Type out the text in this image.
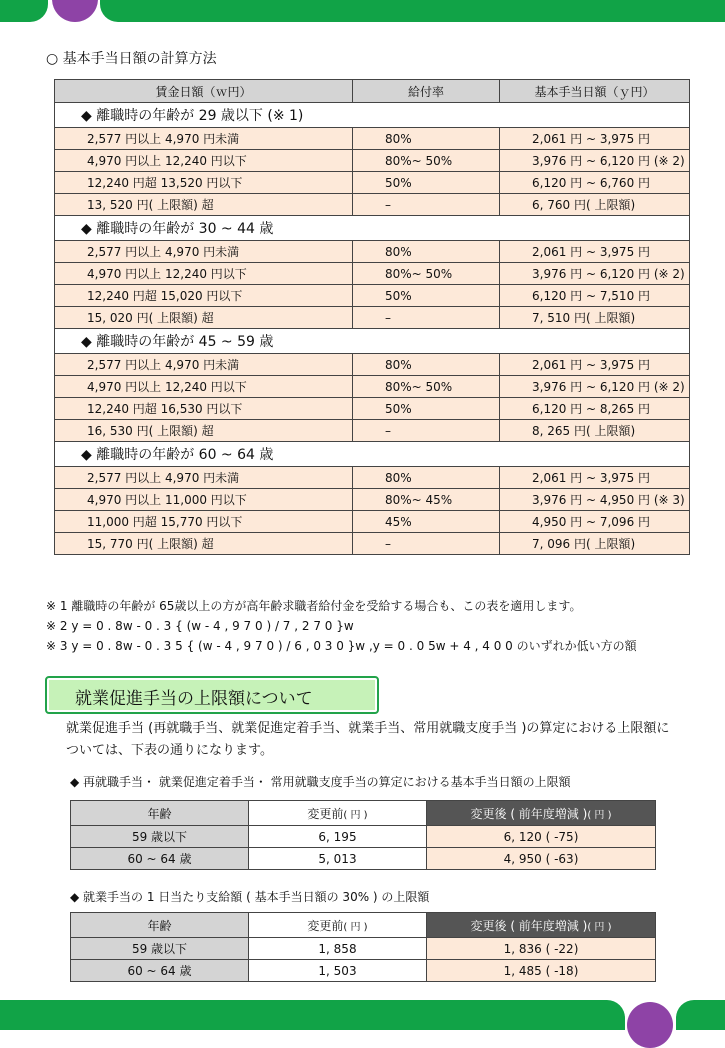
○ 基本手当日額の計算方法
賃金日額（ｗ円）	給付率	基本手当日額（ｙ円）
◆ 離職時の年齢が 29 歳以下 (※ 1)		
2,577 円以上 4,970 円未満	80%	2,061 円 ~ 3,975 円
4,970 円以上 12,240 円以下	80%~ 50%	3,976 円 ~ 6,120 円 (※ 2)
12,240 円超 13,520 円以下	50%	6,120 円 ~ 6,760 円
13, 520 円( 上限額) 超	–	6, 760 円( 上限額)
◆ 離職時の年齢が 30 ~ 44 歳		
2,577 円以上 4,970 円未満	80%	2,061 円 ~ 3,975 円
4,970 円以上 12,240 円以下	80%~ 50%	3,976 円 ~ 6,120 円 (※ 2)
12,240 円超 15,020 円以下	50%	6,120 円 ~ 7,510 円
15, 020 円( 上限額) 超	–	7, 510 円( 上限額)
◆ 離職時の年齢が 45 ~ 59 歳		
2,577 円以上 4,970 円未満	80%	2,061 円 ~ 3,975 円
4,970 円以上 12,240 円以下	80%~ 50%	3,976 円 ~ 6,120 円 (※ 2)
12,240 円超 16,530 円以下	50%	6,120 円 ~ 8,265 円
16, 530 円( 上限額) 超	–	8, 265 円( 上限額)
◆ 離職時の年齢が 60 ~ 64 歳		
2,577 円以上 4,970 円未満	80%	2,061 円 ~ 3,975 円
4,970 円以上 11,000 円以下	80%~ 45%	3,976 円 ~ 4,950 円 (※ 3)
11,000 円超 15,770 円以下	45%	4,950 円 ~ 7,096 円
15, 770 円( 上限額) 超	–	7, 096 円( 上限額)
※ 1 離職時の年齢が 65歳以上の方が高年齢求職者給付金を受給する場合も、この表を適用します。
※ 2 y = 0 . 8w - 0 . 3 { (w - 4 , 9 7 0 ) / 7 , 2 7 0 }w
※ 3 y = 0 . 8w - 0 . 3 5 { (w - 4 , 9 7 0 ) / 6 , 0 3 0 }w ,y = 0 . 0 5w + 4 , 4 0 0 のいずれか低い方の額
就業促進手当の上限額について
就業促進手当 (再就職手当、就業促進定着手当、就業手当、常用就職支度手当 )の算定における上限額については、下表の通りになります。
◆ 再就職手当・ 就業促進定着手当・ 常用就職支度手当の算定における基本手当日額の上限額
年齢	変更前( 円 )	変更後 ( 前年度増減 )( 円 )
59 歳以下	6, 195	6, 120 ( -75)
60 ~ 64 歳	5, 013	4, 950 ( -63)
◆ 就業手当の 1 日当たり支給額 ( 基本手当日額の 30% ) の上限額
年齢	変更前( 円 )	変更後 ( 前年度増減 )( 円 )
59 歳以下	1, 858	1, 836 ( -22)
60 ~ 64 歳	1, 503	1, 485 ( -18)
